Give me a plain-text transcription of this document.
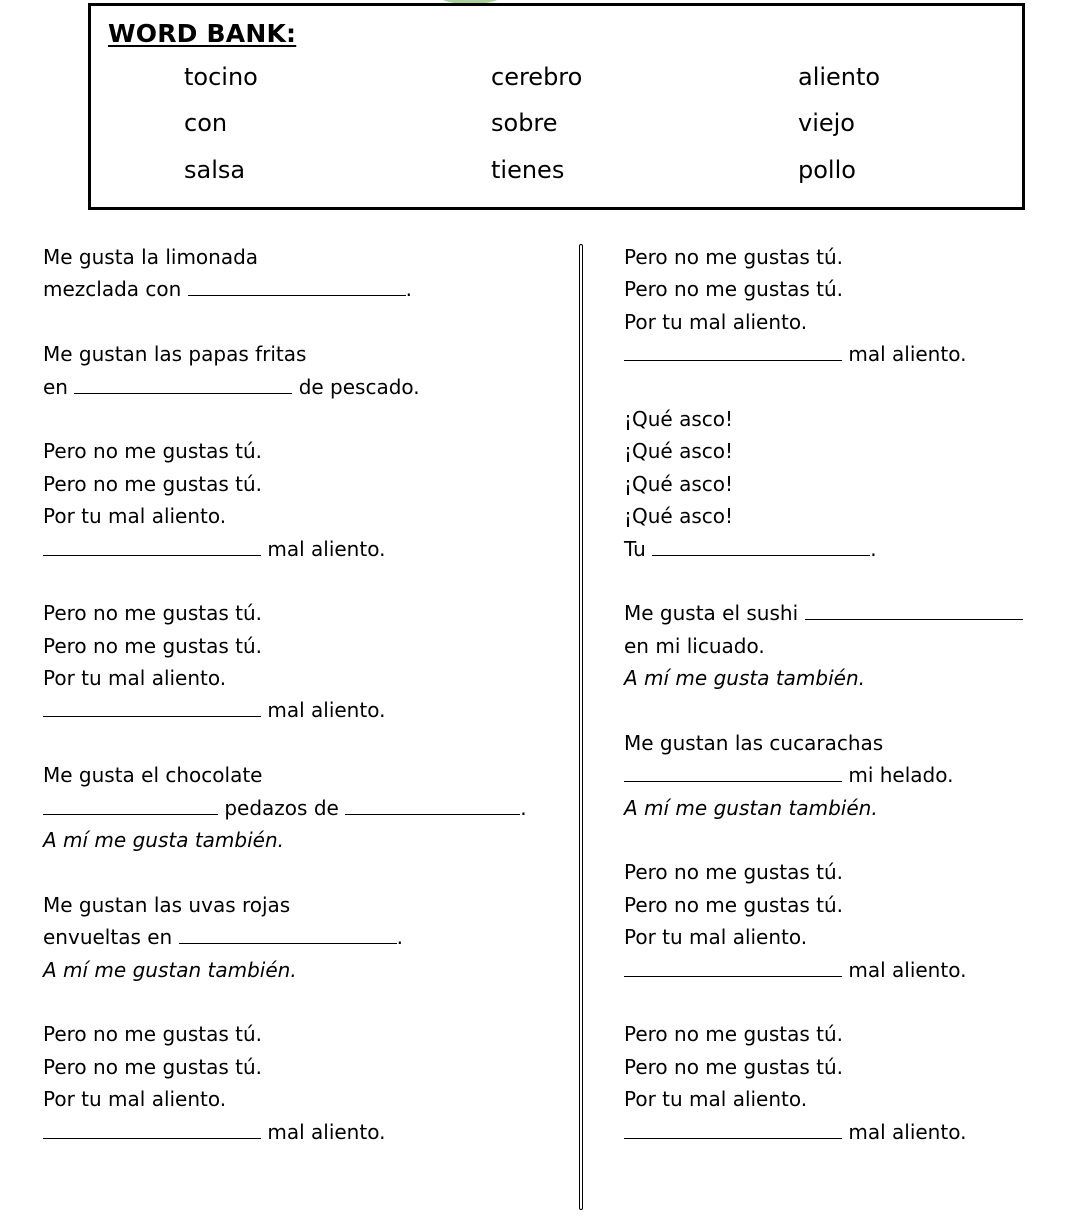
WORD BANK:
tocino	cerebro	aliento
con	sobre	viejo
salsa	tienes	pollo
Me gusta la limonada
mezclada con	.
Me gustan las papas fritas
en	de pescado.
Pero no me gustas tú.
Pero no me gustas tú.
Por tu mal aliento.
mal aliento.
Pero no me gustas tú.
Pero no me gustas tú.
Por tu mal aliento.
mal aliento.
Me gusta el chocolate
pedazos de	.
A mí me gusta también.
Me gustan las uvas rojas
envueltas en	.
A mí me gustan también.
Pero no me gustas tú.
Pero no me gustas tú.
Por tu mal aliento.
mal aliento.
Pero no me gustas tú.
Pero no me gustas tú.
Por tu mal aliento.
mal aliento.
¡Qué asco!
¡Qué asco!
¡Qué asco!
¡Qué asco!
Tu	.
Me gusta el sushi
en mi licuado.
A mí me gusta también.
Me gustan las cucarachas
mi helado.
A mí me gustan también.
Pero no me gustas tú.
Pero no me gustas tú.
Por tu mal aliento.
mal aliento.
Pero no me gustas tú.
Pero no me gustas tú.
Por tu mal aliento.
mal aliento.
